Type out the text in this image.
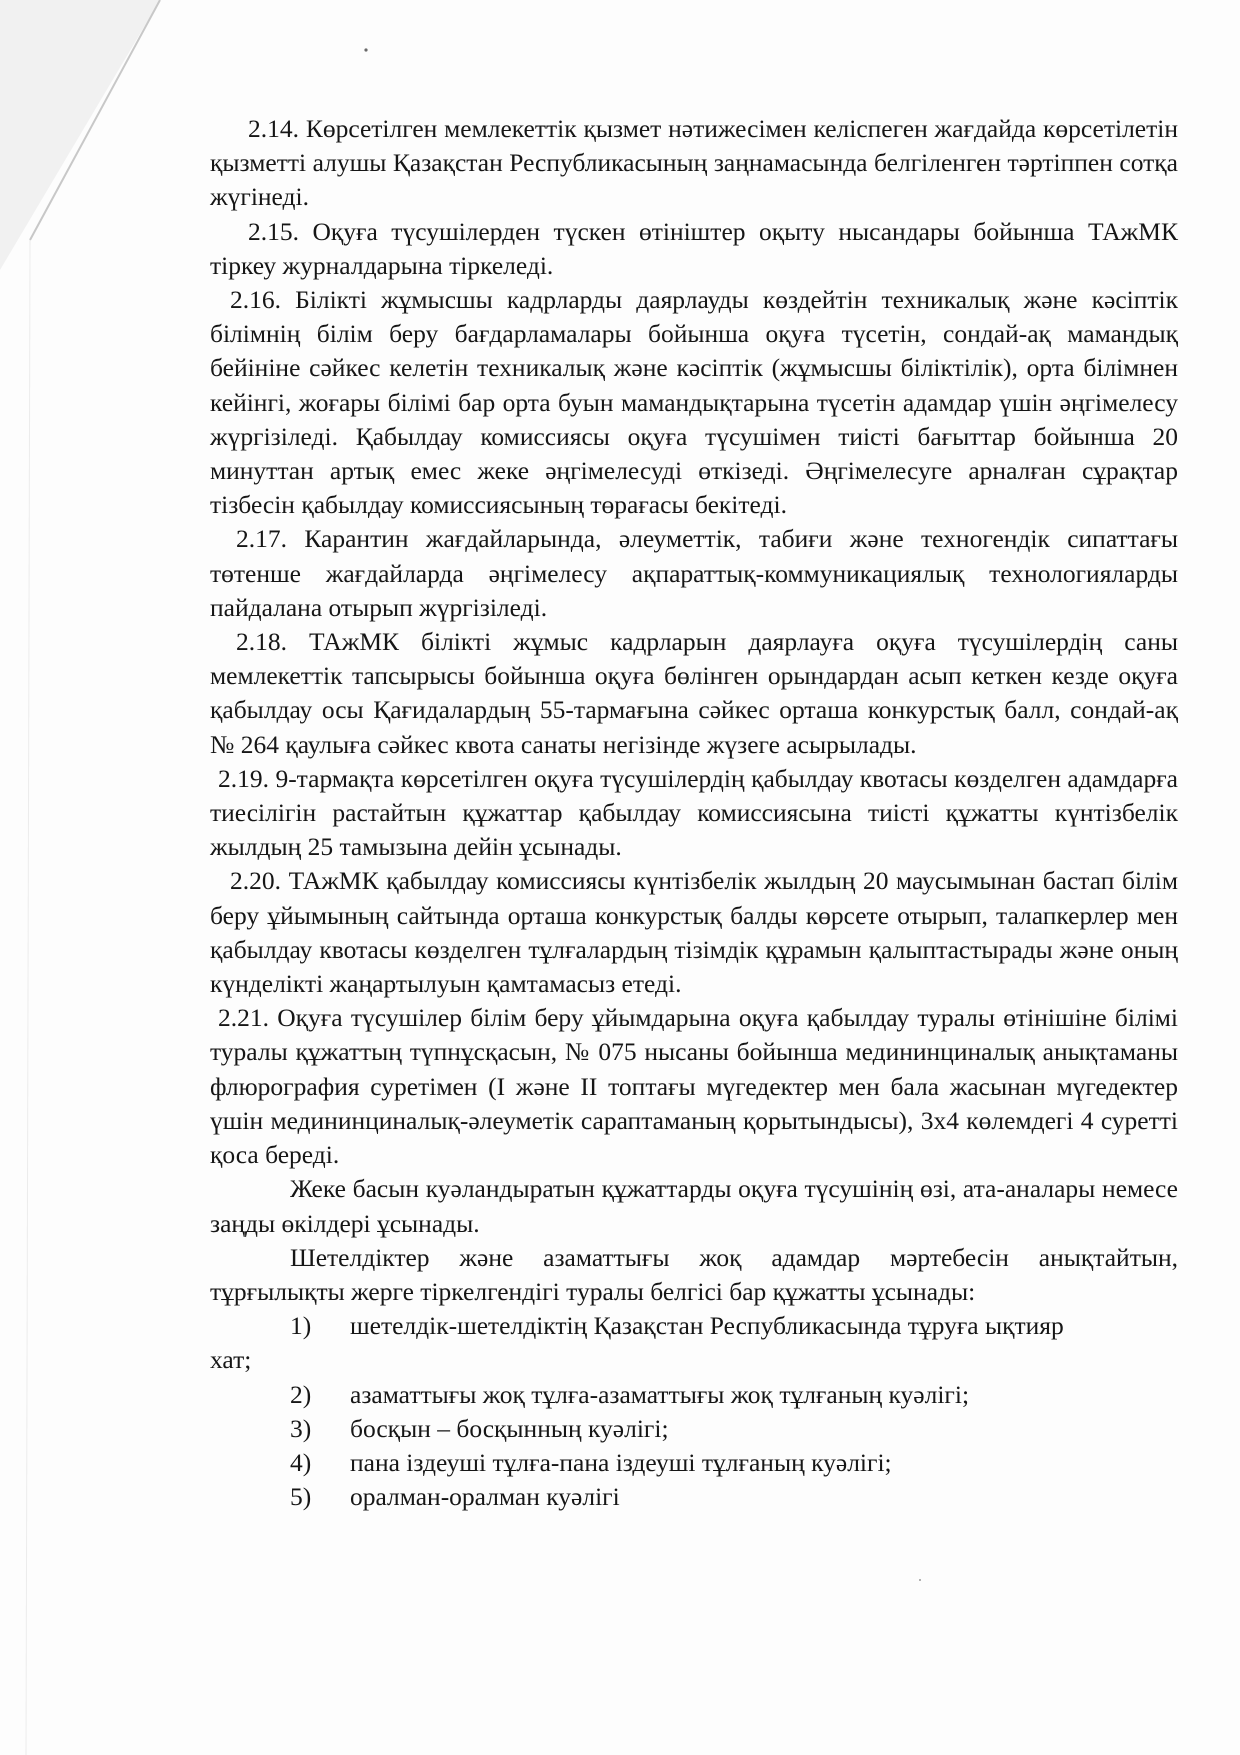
2.14. Көрсетілген мемлекеттік қызмет нәтижесімен келіспеген жағдайда көрсетілетін қызметті алушы Қазақстан Республикасының заңнамасында белгіленген тәртіппен сотқа жүгінеді.

2.15. Оқуға түсушілерден түскен өтініштер оқыту нысандары бойынша ТАжМК тіркеу журналдарына тіркеледі.

2.16. Білікті жұмысшы кадрларды даярлауды көздейтін техникалық және кәсіптік білімнің білім беру бағдарламалары бойынша оқуға түсетін, сондай-ақ мамандық бейініне сәйкес келетін техникалық және кәсіптік (жұмысшы біліктілік), орта білімнен кейінгі, жоғары білімі бар орта буын мамандықтарына түсетін адамдар үшін әңгімелесу жүргізіледі. Қабылдау комиссиясы оқуға түсушімен тиісті бағыттар бойынша 20 минуттан артық емес жеке әңгімелесуді өткізеді. Әңгімелесуге арналған сұрақтар тізбесін қабылдау комиссиясының төрағасы бекітеді.

2.17. Карантин жағдайларында, әлеуметтік, табиғи және техногендік сипаттағы төтенше жағдайларда әңгімелесу ақпараттық-коммуникациялық технологияларды пайдалана отырып жүргізіледі.

2.18. ТАжМК білікті жұмыс кадрларын даярлауға оқуға түсушілердің саны мемлекеттік тапсырысы бойынша оқуға бөлінген орындардан асып кеткен кезде оқуға қабылдау осы Қағидалардың 55-тармағына сәйкес орташа конкурстық балл, сондай-ақ № 264 қаулыға сәйкес квота санаты негізінде жүзеге асырылады.

2.19. 9-тармақта көрсетілген оқуға түсушілердің қабылдау квотасы көзделген адамдарға тиесілігін растайтын құжаттар қабылдау комиссиясына тиісті құжатты күнтізбелік жылдың 25 тамызына дейін ұсынады.

2.20. ТАжМК қабылдау комиссиясы күнтізбелік жылдың 20 маусымынан бастап білім беру ұйымының сайтында орташа конкурстық балды көрсете отырып, талапкерлер мен қабылдау квотасы көзделген тұлғалардың тізімдік құрамын қалыптастырады және оның күнделікті жаңартылуын қамтамасыз етеді.

2.21. Оқуға түсушілер білім беру ұйымдарына оқуға қабылдау туралы өтінішіне білімі туралы құжаттың түпнұсқасын, № 075 нысаны бойынша медининциналық анықтаманы флюрография суретімен (I және II топтағы мүгедектер мен бала жасынан мүгедектер үшін медининциналық-әлеуметік сараптаманың қорытындысы), 3x4 көлемдегі 4 суретті қоса береді.

Жеке басын куәландыратын құжаттарды оқуға түсушінің өзі, ата-аналары немесе заңды өкілдері ұсынады.

Шетелдіктер және азаматтығы жоқ адамдар мәртебесін анықтайтын, тұрғылықты жерге тіркелгендігі туралы белгісі бар құжатты ұсынады:

1)	шетелдік-шетелдіктің Қазақстан Республикасында тұруға ықтияр
хат;
2)	азаматтығы жоқ тұлға-азаматтығы жоқ тұлғаның куәлігі;
3)	босқын – босқынның куәлігі;
4)	пана іздеуші тұлға-пана іздеуші тұлғаның куәлігі;
5)	оралман-оралман куәлігі
